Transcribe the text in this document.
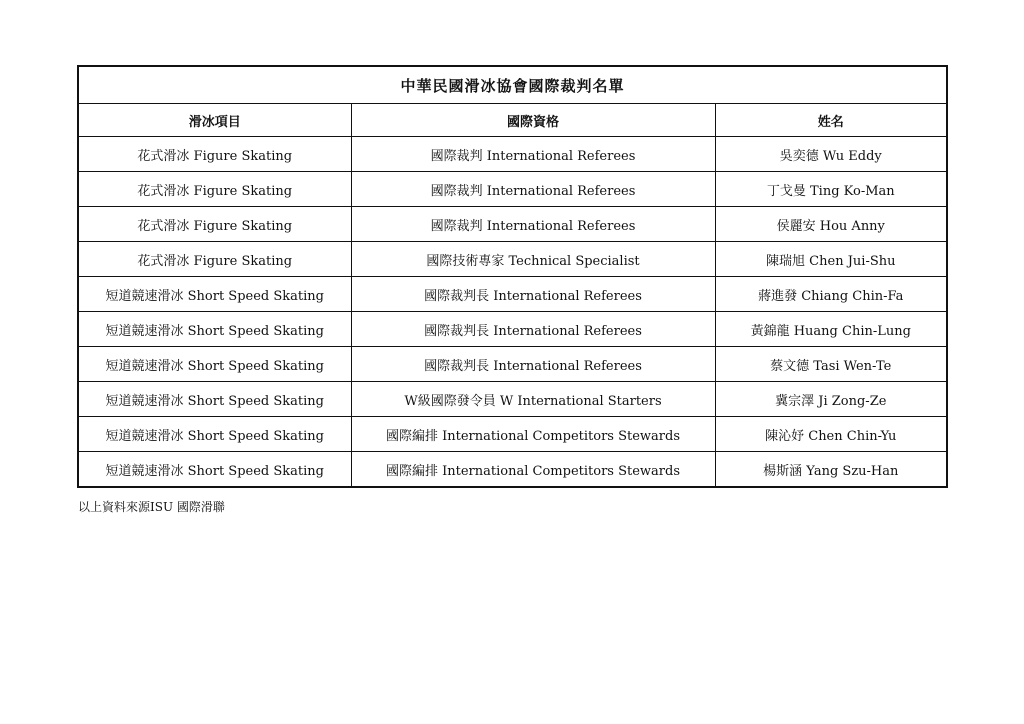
中華民國滑冰協會國際裁判名單		
滑冰項目	國際資格	姓名
花式滑冰 Figure Skating	國際裁判 International Referees	吳奕德 Wu Eddy
花式滑冰 Figure Skating	國際裁判 International Referees	丁戈曼 Ting Ko-Man
花式滑冰 Figure Skating	國際裁判 International Referees	侯麗安 Hou Anny
花式滑冰 Figure Skating	國際技術專家 Technical Specialist	陳瑞旭 Chen Jui-Shu
短道競速滑冰 Short Speed Skating	國際裁判長 International Referees	蔣進發 Chiang Chin-Fa
短道競速滑冰 Short Speed Skating	國際裁判長 International Referees	黃錦龍 Huang Chin-Lung
短道競速滑冰 Short Speed Skating	國際裁判長 International Referees	蔡文德 Tasi Wen-Te
短道競速滑冰 Short Speed Skating	W級國際發令員 W International Starters	冀宗澤 Ji Zong-Ze
短道競速滑冰 Short Speed Skating	國際編排 International Competitors Stewards	陳沁妤 Chen Chin-Yu
短道競速滑冰 Short Speed Skating	國際編排 International Competitors Stewards	楊斯涵 Yang Szu-Han
以上資料來源ISU 國際滑聯
